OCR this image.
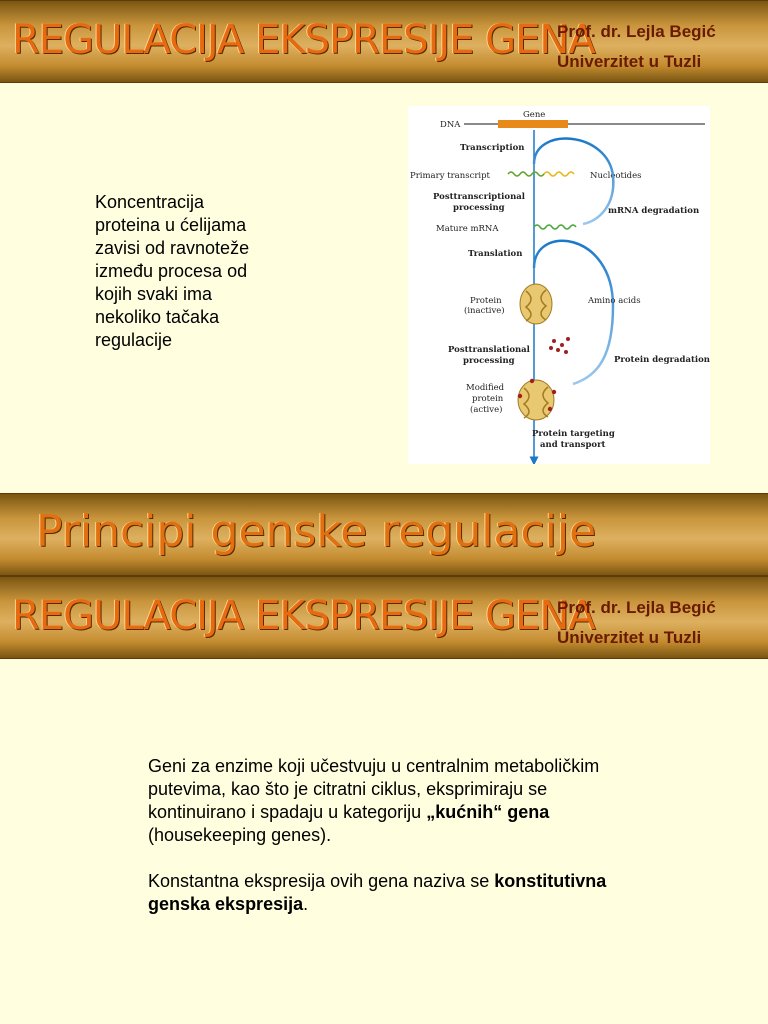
REGULACIJA EKSPRESIJE GENA
Prof. dr. Lejla Begić
Univerzitet u Tuzli
Koncentracija
proteina u ćelijama
zavisi od ravnoteže
između procesa od
kojih svaki ima
nekoliko tačaka
regulacije
Gene
DNA
Transcription
Primary transcript	Nucleotides
Posttranscriptional
processing	mRNA degradation
Mature mRNA
Translation
Protein
(inactive)
Amino acids
Posttranslational
processing	Protein degradation
Modified
protein
(active)
Protein targeting
and transport
Principi genske regulacije
REGULACIJA EKSPRESIJE GENA
Prof. dr. Lejla Begić
Univerzitet u Tuzli
Geni za enzime koji učestvuju u centralnim metaboličkim putevima, kao što je citratni ciklus, eksprimiraju se kontinuirano i spadaju u kategoriju „kućnih“ gena (housekeeping genes).
Konstantna ekspresija ovih gena naziva se konstitutivna genska ekspresija.
